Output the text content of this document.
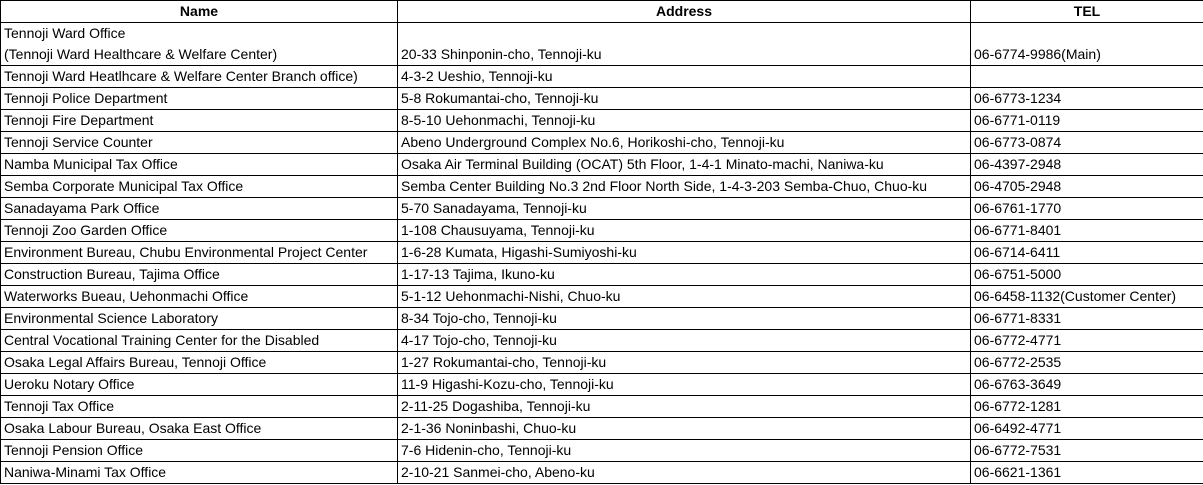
Name	Address	TEL

Tennoji Ward Office
(Tennoji Ward Healthcare & Welfare Center)	20-33 Shinponin-cho, Tennoji-ku	06-6774-9986(Main)
Tennoji Ward Heatlhcare & Welfare Center Branch office)	4-3-2 Ueshio, Tennoji-ku	
Tennoji Police Department	5-8 Rokumantai-cho, Tennoji-ku	06-6773-1234
Tennoji Fire Department	8-5-10 Uehonmachi, Tennoji-ku	06-6771-0119
Tennoji Service Counter	Abeno Underground Complex No.6, Horikoshi-cho, Tennoji-ku	06-6773-0874
Namba Municipal Tax Office	Osaka Air Terminal Building (OCAT) 5th Floor, 1-4-1 Minato-machi, Naniwa-ku	06-4397-2948
Semba Corporate Municipal Tax Office	Semba Center Building No.3 2nd Floor North Side, 1-4-3-203 Semba-Chuo, Chuo-ku	06-4705-2948
Sanadayama Park Office	5-70 Sanadayama, Tennoji-ku	06-6761-1770
Tennoji Zoo Garden Office	1-108 Chausuyama, Tennoji-ku	06-6771-8401
Environment Bureau, Chubu Environmental Project Center	1-6-28 Kumata, Higashi-Sumiyoshi-ku	06-6714-6411
Construction Bureau, Tajima Office	1-17-13 Tajima, Ikuno-ku	06-6751-5000
Waterworks Bueau, Uehonmachi Office	5-1-12 Uehonmachi-Nishi, Chuo-ku	06-6458-1132(Customer Center)
Environmental Science Laboratory	8-34 Tojo-cho, Tennoji-ku	06-6771-8331
Central Vocational Training Center for the Disabled	4-17 Tojo-cho, Tennoji-ku	06-6772-4771
Osaka Legal Affairs Bureau, Tennoji Office	1-27 Rokumantai-cho, Tennoji-ku	06-6772-2535
Ueroku Notary Office	11-9 Higashi-Kozu-cho, Tennoji-ku	06-6763-3649
Tennoji Tax Office	2-11-25 Dogashiba, Tennoji-ku	06-6772-1281
Osaka Labour Bureau, Osaka East Office	2-1-36 Noninbashi, Chuo-ku	06-6492-4771
Tennoji Pension Office	7-6 Hidenin-cho, Tennoji-ku	06-6772-7531
Naniwa-Minami Tax Office	2-10-21 Sanmei-cho, Abeno-ku	06-6621-1361
